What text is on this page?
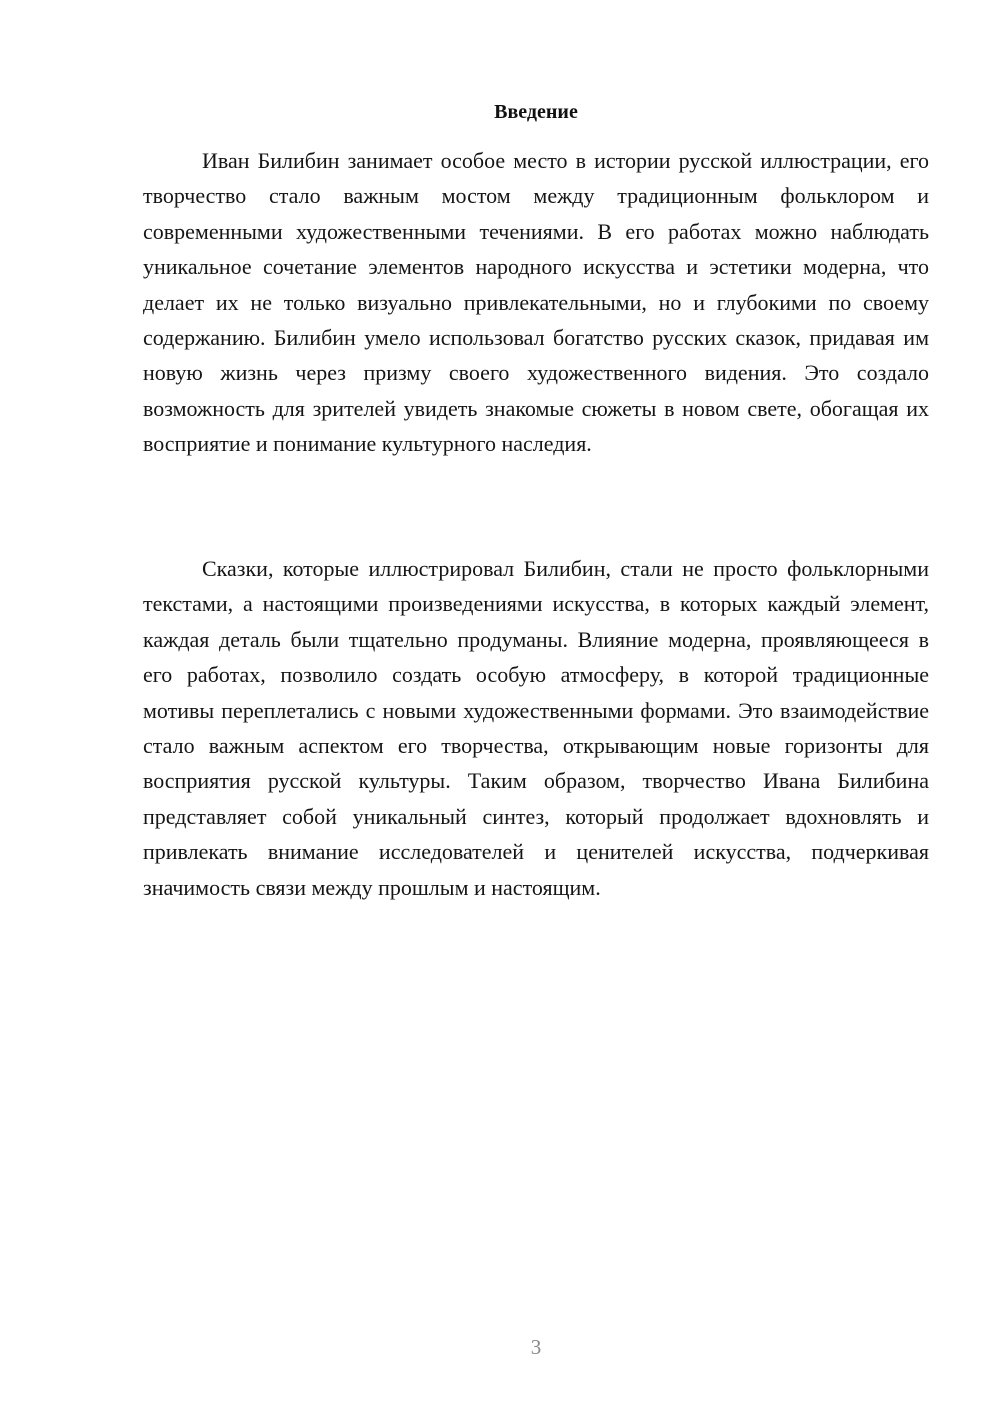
Введение

Иван Билибин занимает особое место в истории русской иллюстрации, его творчество стало важным мостом между традиционным фольклором и современными художественными течениями. В его работах можно наблюдать уникальное сочетание элементов народного искусства и эстетики модерна, что делает их не только визуально привлекательными, но и глубокими по своему содержанию. Билибин умело использовал богатство русских сказок, придавая им новую жизнь через призму своего художественного видения. Это создало возможность для зрителей увидеть знакомые сюжеты в новом свете, обогащая их восприятие и понимание культурного наследия.

Сказки, которые иллюстрировал Билибин, стали не просто фольклорными текстами, а настоящими произведениями искусства, в которых каждый элемент, каждая деталь были тщательно продуманы. Влияние модерна, проявляющееся в его работах, позволило создать особую атмосферу, в которой традиционные мотивы переплетались с новыми художественными формами. Это взаимодействие стало важным аспектом его творчества, открывающим новые горизонты для восприятия русской культуры. Таким образом, творчество Ивана Билибина представляет собой уникальный синтез, который продолжает вдохновлять и привлекать внимание исследователей и ценителей искусства, подчеркивая значимость связи между прошлым и настоящим.

3
